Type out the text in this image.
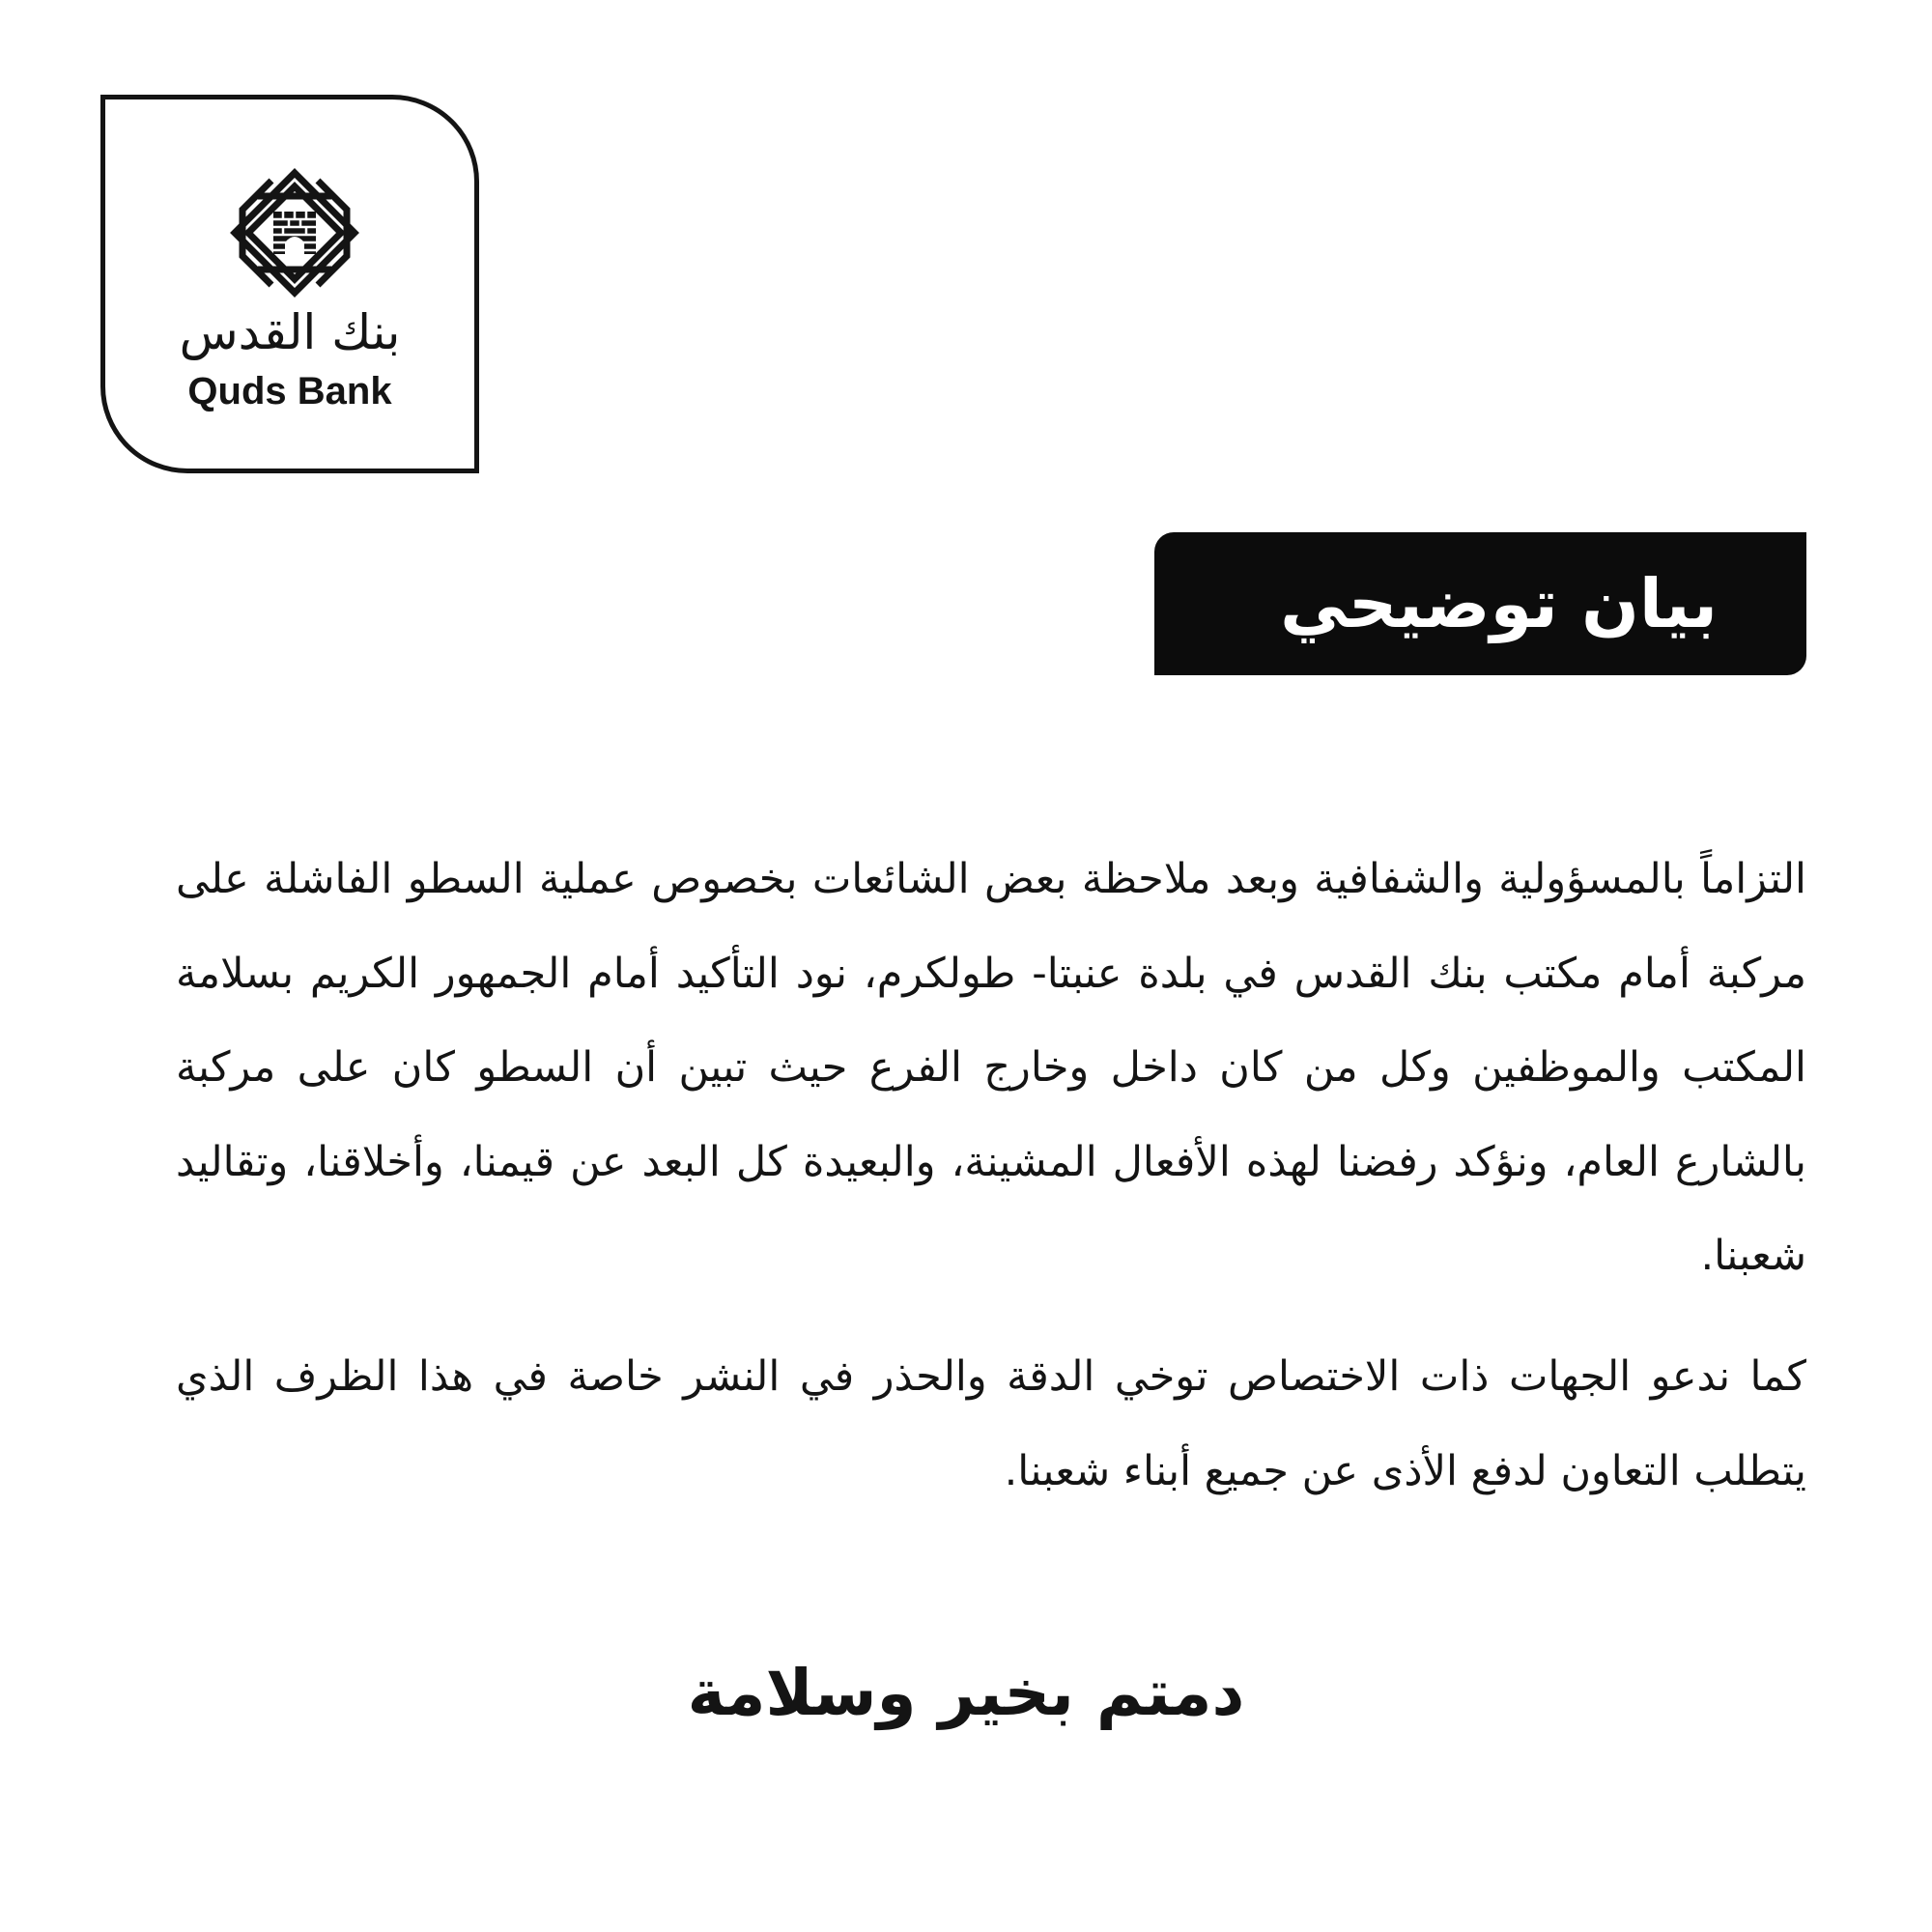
بنك القدس
Quds Bank
بيان توضيحي

التزاماً بالمسؤولية والشفافية وبعد ملاحظة بعض الشائعات بخصوص عملية السطو الفاشلة على مركبة أمام مكتب بنك القدس في بلدة عنبتا- طولكرم، نود التأكيد أمام الجمهور الكريم بسلامة المكتب والموظفين وكل من كان داخل وخارج الفرع حيث تبين أن السطو كان على مركبة بالشارع العام، ونؤكد رفضنا لهذه الأفعال المشينة، والبعيدة كل البعد عن قيمنا، وأخلاقنا، وتقاليد شعبنا.

كما ندعو الجهات ذات الاختصاص توخي الدقة والحذر في النشر خاصة في هذا الظرف الذي يتطلب التعاون لدفع الأذى عن جميع أبناء شعبنا.

دمتم بخير وسلامة
